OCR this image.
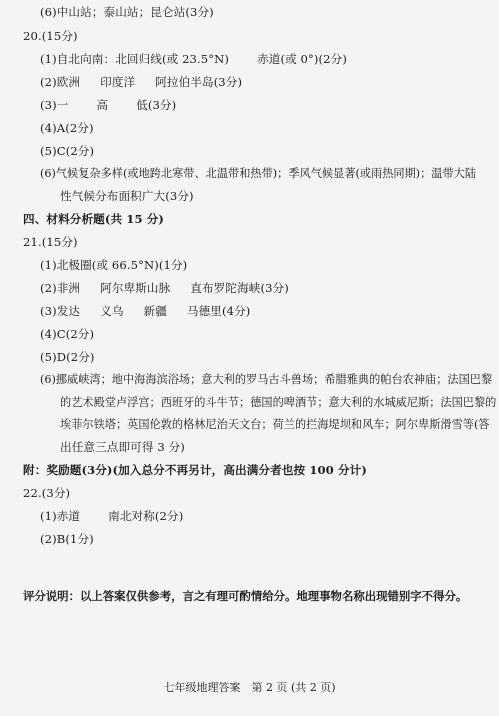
(6)中山站；泰山站；昆仑站(3分)
20.(15分)
(1)自北向南：北回归线(或 23.5°N) 赤道(或 0°)(2分)
(2)欧洲 印度洋 阿拉伯半岛(3分)
(3)一 高 低(3分)
(4)A(2分)
(5)C(2分)
(6)气候复杂多样(或地跨北寒带、北温带和热带)；季风气候显著(或雨热同期)；温带大陆
性气候分布面积广大(3分)
四、材料分析题(共 15 分)
21.(15分)
(1)北极圈(或 66.5°N)(1分)
(2)非洲 阿尔卑斯山脉 直布罗陀海峡(3分)
(3)发达 义乌 新疆 马德里(4分)
(4)C(2分)
(5)D(2分)
(6)挪威峡湾；地中海海滨浴场；意大利的罗马古斗兽场；希腊雅典的帕台农神庙；法国巴黎
的艺术殿堂卢浮宫；西班牙的斗牛节；德国的啤酒节；意大利的水城威尼斯；法国巴黎的
埃菲尔铁塔；英国伦敦的格林尼治天文台；荷兰的拦海堤坝和风车；阿尔卑斯滑雪等(答
出任意三点即可得 3 分)
附：奖励题(3分)(加入总分不再另计，高出满分者也按 100 分计)
22.(3分)
(1)赤道 南北对称(2分)
(2)B(1分)
评分说明：以上答案仅供参考，言之有理可酌情给分。地理事物名称出现错别字不得分。
七年级地理答案　第 2 页 (共 2 页)
